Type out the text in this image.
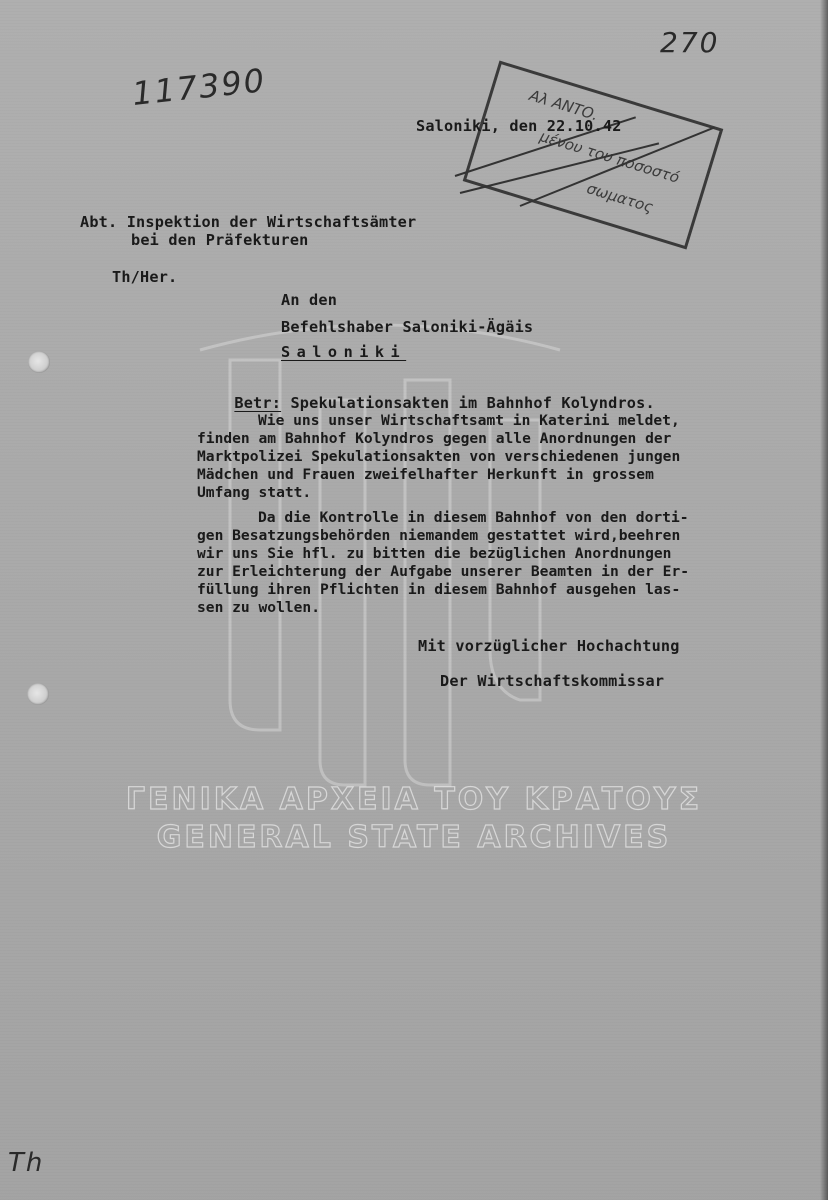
ΓΕΝΙΚΑ ΑΡΧΕΙΑ ΤΟΥ ΚΡΑΤΟΥΣ
GENERAL STATE ARCHIVES
117390
270
Th
Αλ ΑΝΤΟ.
μένου του ποσοστό
σωματος
Saloniki, den 22.10.42
Abt. Inspektion der Wirtschaftsämter
bei den Präfekturen
Th/Her.
An den
Befehlshaber Saloniki-Ägäis
Saloniki

Betr: Spekulationsakten im Bahnhof Kolyndros.

Wie uns unser Wirtschaftsamt in Katerini meldet,
finden am Bahnhof Kolyndros gegen alle Anordnungen der
Marktpolizei Spekulationsakten von verschiedenen jungen
Mädchen und Frauen zweifelhafter Herkunft in grossem
Umfang statt.
Da die Kontrolle in diesem Bahnhof von den dorti-
gen Besatzungsbehörden niemandem gestattet wird,beehren
wir uns Sie hfl. zu bitten die bezüglichen Anordnungen
zur Erleichterung der Aufgabe unserer Beamten in der Er-
füllung ihren Pflichten in diesem Bahnhof ausgehen las-
sen zu wollen.
Mit vorzüglicher Hochachtung
Der Wirtschaftskommissar
